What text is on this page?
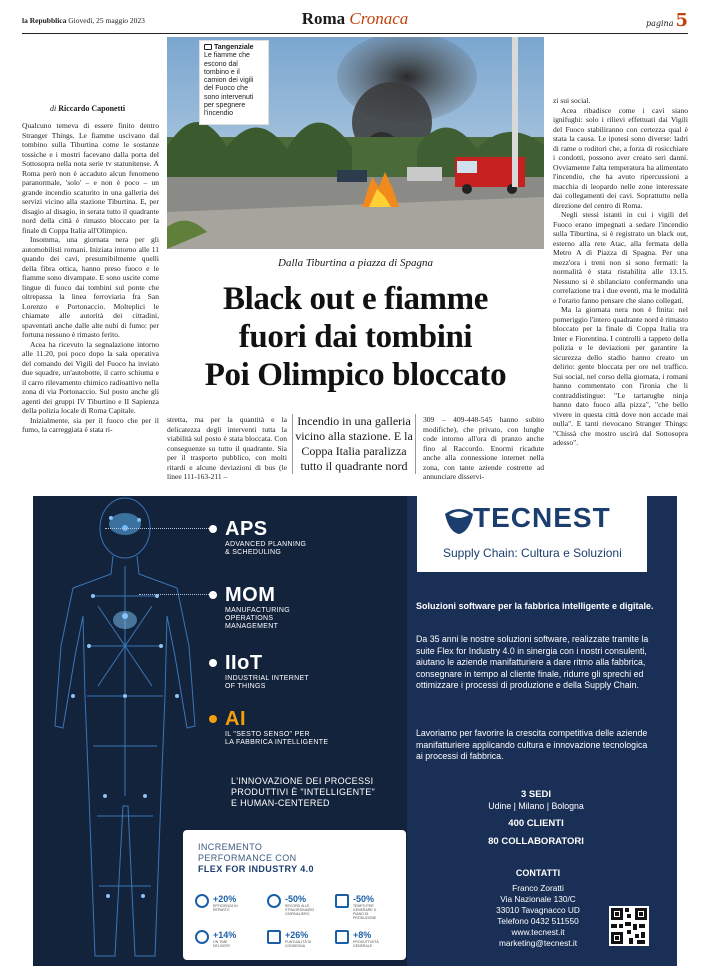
la Repubblica Giovedì, 25 maggio 2023	Roma Cronaca	pagina 5
di Riccardo Caponetti

Qualcuno temeva di essere finito dentro Stranger Things. Le fiamme uscivano dal tombino sulla Tiburtina come le sostanze tossiche e i mostri facevano dalla porta del Sottosopra nella nota serie tv statunitense. A Roma però non è accaduto alcun fenomeno paranormale, 'solo' – e non è poco – un grande incendio scaturito in una galleria dei servizi vicino alla stazione Tiburtina. E, per disagio al disagio, in serata tutto il quadrante nord della città è rimasto bloccato per la finale di Coppa Italia all'Olimpico.

Insomma, una giornata nera per gli automobilisti romani. Iniziata intorno alle 11 quando dei cavi, presumibilmente quelli della fibra ottica, hanno preso fuoco e le fiamme sono divampate. E sono uscite come lingue di fuoco dai tombini sul ponte che oltrepassa la linea ferroviaria fra San Lorenzo e Portonaccio. Molteplici le chiamate alle autorità dei cittadini, spaventati anche dalle alte nubi di fumo: per fortuna nessuno è rimasto ferito.

Acea ha ricevuto la segnalazione intorno alle 11.20, poi poco dopo la sala operativa del comando dei Vigili del Fuoco ha inviato due squadre, un'autobotte, il carro schiuma e il carro rilevamento chimico radioattivo nella zona di via Portonaccio. Sul posto anche gli agenti dei gruppi IV Tiburtino e II Sapienza della polizia locale di Roma Capitale.

Inizialmente, sia per il fuoco che per il fumo, la carreggiata è stata ri-

Tangenziale
Le fiamme che escono dal tombino e il camion dei vigili del Fuoco che sono intervenuti per spegnere l'incendio
Dalla Tiburtina a piazza di Spagna
Black out e fiamme
fuori dai tombini
Poi Olimpico bloccato

stretta, ma per la quantità e la delicatezza degli interventi tutta la viabilità sul posto è stata bloccata. Con conseguenze su tutto il quadrante. Sia per il trasporto pubblico, con molti ritardi e alcune deviazioni di bus (le linee 111-163-211 –

Incendio in una galleria vicino alla stazione. E la Coppa Italia paralizza tutto il quadrante nord

309 – 409-448-545 hanno subito modifiche), che privato, con lunghe code intorno all'ora di pranzo anche fino al Raccordo. Enormi ricadute anche alla connessione internet nella zona, con tante aziende costrette ad annunciare disservi-

zi sui social.

Acea ribadisce come i cavi siano ignifughi: solo i rilievi effettuati dai Vigili del Fuoco stabiliranno con certezza qual è stata la causa. Le ipotesi sono diverse: ladri di rame o roditori che, a forza di rosicchiare i condotti, possono aver creato seri danni. Ovviamente l'alta temperatura ha alimentato l'incendio, che ha avuto ripercussioni a macchia di leopardo nelle zone interessate dai collegamenti dei cavi. Soprattutto nella direzione del centro di Roma.

Negli stessi istanti in cui i vigili del Fuoco erano impegnati a sedare l'incendio sulla Tiburtina, si è registrato un black out, esterno alla rete Atac, alla fermata della Metro A di Piazza di Spagna. Per una mezz'ora i treni non si sono fermati: la normalità è stata ristabilita alle 13.15. Nessuno si è sbilanciato confermando una correlazione tra i due eventi, ma le modalità e l'orario fanno pensare che siano collegati.

Ma la giornata nera non è finita: nel pomeriggio l'intero quadrante nord è rimasto bloccato per la finale di Coppa Italia tra Inter e Fiorentina. I controlli a tappeto della polizia e le deviazioni per garantire la sicurezza dello stadio hanno creato un delirio: gente bloccata per ore nel traffico. Sui social, nel corso della giornata, i romani hanno commentato con l'ironia che li contraddistingue: "Le tartarughe ninja hanno dato fuoco alla pizza", "che bello vivere in questa città dove non accade mai nulla". E tanti rievocano Stranger Things: "Chissà che mostro uscirà dal Sottosopra adesso".

APS
ADVANCED PLANNING
& SCHEDULING
MOM
MANUFACTURING
OPERATIONS
MANAGEMENT
IIoT
INDUSTRIAL INTERNET
OF THINGS
AI
IL "SESTO SENSO" PER
LA FABBRICA INTELLIGENTE
L'INNOVAZIONE DEI PROCESSI
PRODUTTIVI È "INTELLIGENTE"
E HUMAN-CENTERED
INCREMENTO
PERFORMANCE CON
FLEX FOR INDUSTRY 4.0
+20%
EFFICIENZA IN REPARTO
-50%
RECORD ALLE STRAORDINARIO GIORNALIERO
-50%
TEMPO PER GENERARE IL PIANO DI PRODUZIONE
+14%
ON TIME DELIVERY
+26%
PUNTUALITÀ DI CONSEGNA
+8%
PRODUTTIVITÀ GENERALE
TECNEST
Supply Chain: Cultura e Soluzioni
Soluzioni software per la fabbrica intelligente e digitale.
Da 35 anni le nostre soluzioni software, realizzate tramite la suite Flex for Industry 4.0 in sinergia con i nostri consulenti, aiutano le aziende manifatturiere a dare ritmo alla fabbrica, consegnare in tempo al cliente finale, ridurre gli sprechi ed ottimizzare i processi di produzione e della Supply Chain.
Lavoriamo per favorire la crescita competitiva delle aziende manifatturiere applicando cultura e innovazione tecnologica ai processi di fabbrica.
3 SEDI
Udine | Milano | Bologna
400 CLIENTI
80 COLLABORATORI
CONTATTI
Franco Zoratti
Via Nazionale 130/C
33010 Tavagnacco UD
Telefono 0432 511550
www.tecnest.it
marketing@tecnest.it
